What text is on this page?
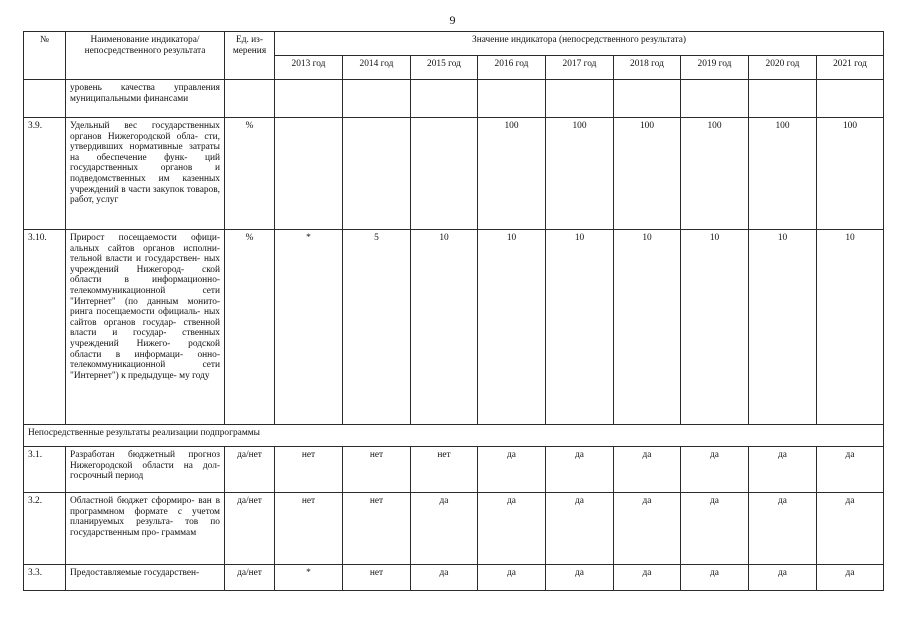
9
№	Наименование индикатора/ непосредственного результата	Ед. из- мерения	Значение индикатора (непосредственного результата)								
			2013 год	2014 год	2015 год	2016 год	2017 год	2018 год	2019 год	2020 год	2021 год
	уровень качества управления муниципальными финансами										
3.9.	Удельный вес государственных органов Нижегородской обла- сти, утвердивших нормативные затраты на обеспечение функ- ций государственных органов и подведомственных им казенных учреждений в части закупок товаров, работ, услуг	%				100	100	100	100	100	100
3.10.	Прирост посещаемости офици- альных сайтов органов исполни- тельной власти и государствен- ных учреждений Нижегород- ской области в информационно- телекоммуникационной сети "Интернет" (по данным монито- ринга посещаемости официаль- ных сайтов органов государ- ственной власти и государ- ственных учреждений Нижего- родской области в информаци- онно-телекоммуникационной сети "Интернет") к предыдуще- му году	%	*	5	10	10	10	10	10	10	10
Непосредственные результаты реализации подпрограммы											
3.1.	Разработан бюджетный прогноз Нижегородской области на дол- госрочный период	да/нет	нет	нет	нет	да	да	да	да	да	да
3.2.	Областной бюджет сформиро- ван в программном формате с учетом планируемых результа- тов по государственным про- граммам	да/нет	нет	нет	да	да	да	да	да	да	да
3.3.	Предоставляемые государствен-	да/нет	*	нет	да	да	да	да	да	да	да
